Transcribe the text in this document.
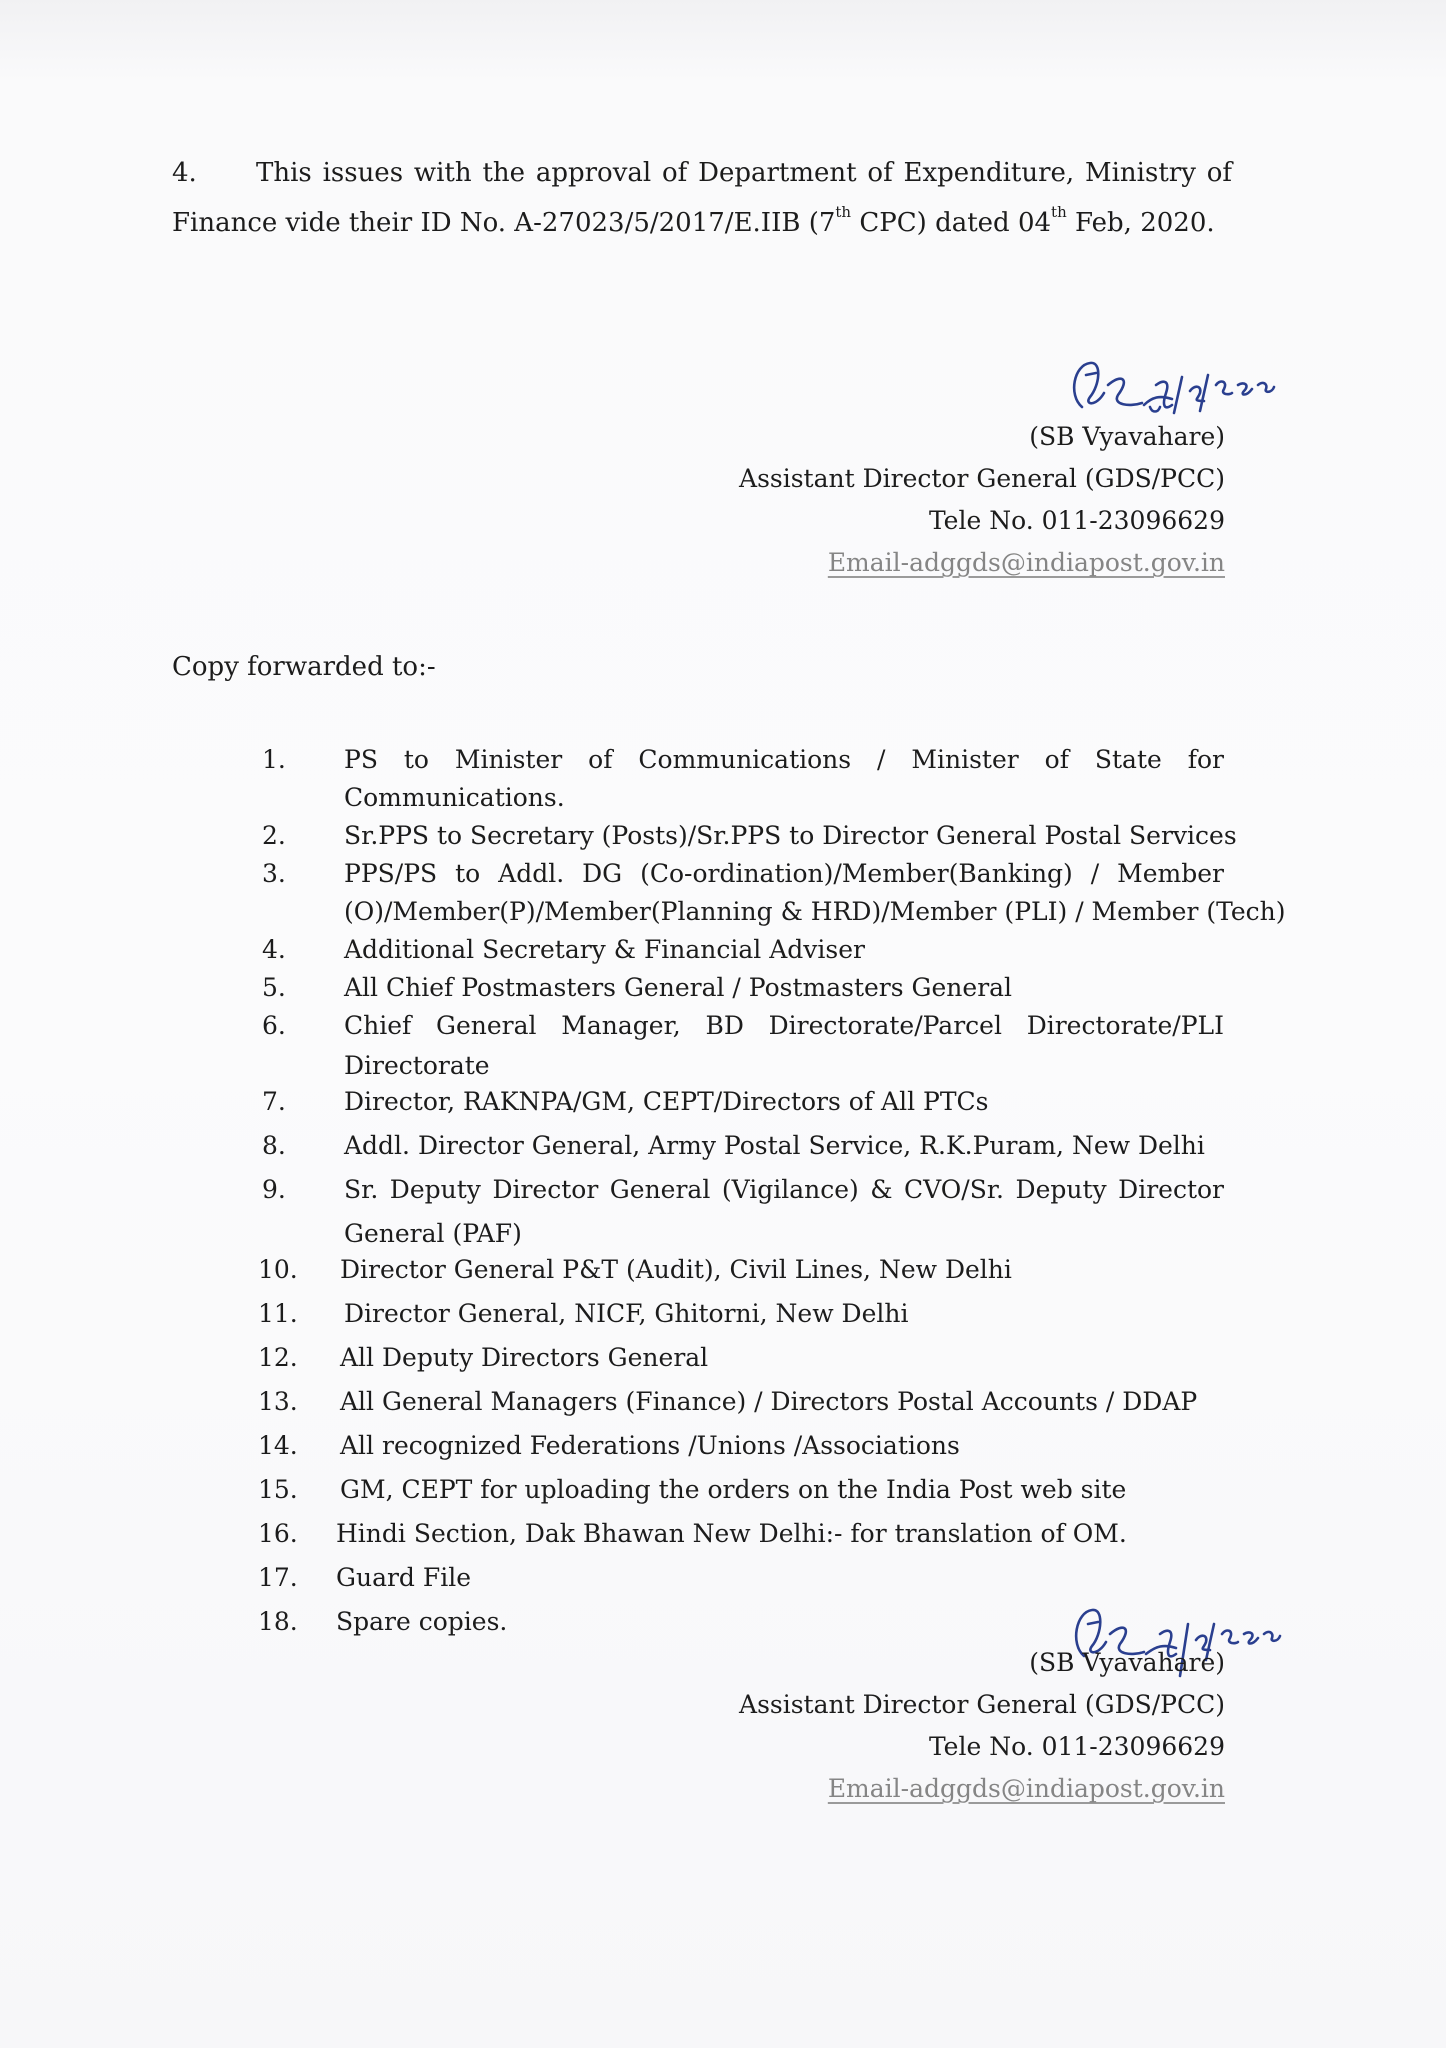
4. This issues with the approval of Department of Expenditure, Ministry of Finance vide their ID No. A-27023/5/2017/E.IIB (7th CPC) dated 04th Feb, 2020.

(SB Vyavahare)
Assistant Director General (GDS/PCC)
Tele No. 011-23096629
Email-adggds@indiapost.gov.in
Copy forwarded to:-
1. PS to Minister of Communications / Minister of State for
Communications.
2. Sr.PPS to Secretary (Posts)/Sr.PPS to Director General Postal Services
3. PPS/PS to Addl. DG (Co-ordination)/Member(Banking) / Member
(O)/Member(P)/Member(Planning & HRD)/Member (PLI) / Member (Tech)
4. Additional Secretary & Financial Adviser
5. All Chief Postmasters General / Postmasters General
6. Chief General Manager, BD Directorate/Parcel Directorate/PLI
Directorate
7. Director, RAKNPA/GM, CEPT/Directors of All PTCs
8. Addl. Director General, Army Postal Service, R.K.Puram, New Delhi
9. Sr. Deputy Director General (Vigilance) & CVO/Sr. Deputy Director
General (PAF)
10. Director General P&T (Audit), Civil Lines, New Delhi
11. Director General, NICF, Ghitorni, New Delhi
12. All Deputy Directors General
13. All General Managers (Finance) / Directors Postal Accounts / DDAP
14. All recognized Federations /Unions /Associations
15. GM, CEPT for uploading the orders on the India Post web site
16. Hindi Section, Dak Bhawan New Delhi:- for translation of OM.
17. Guard File
18. Spare copies.
(SB Vyavahare)
Assistant Director General (GDS/PCC)
Tele No. 011-23096629
Email-adggds@indiapost.gov.in
